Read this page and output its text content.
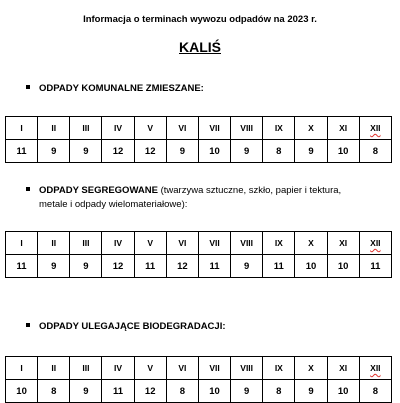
Informacja o terminach wywozu odpadów na 2023 r.
KALIŚ
ODPADY KOMUNALNE ZMIESZANE:
I	II	III	IV	V	VI	VII	VIII	IX	X	XI	XII
11	9	9	12	12	9	10	9	8	9	10	8
ODPADY SEGREGOWANE (twarzywa sztuczne, szkło, papier i tektura,
metale i odpady wielomateriałowe):
I	II	III	IV	V	VI	VII	VIII	IX	X	XI	XII
11	9	9	12	11	12	11	9	11	10	10	11
ODPADY ULEGAJĄCE BIODEGRADACJI:
I	II	III	IV	V	VI	VII	VIII	IX	X	XI	XII
10	8	9	11	12	8	10	9	8	9	10	8
